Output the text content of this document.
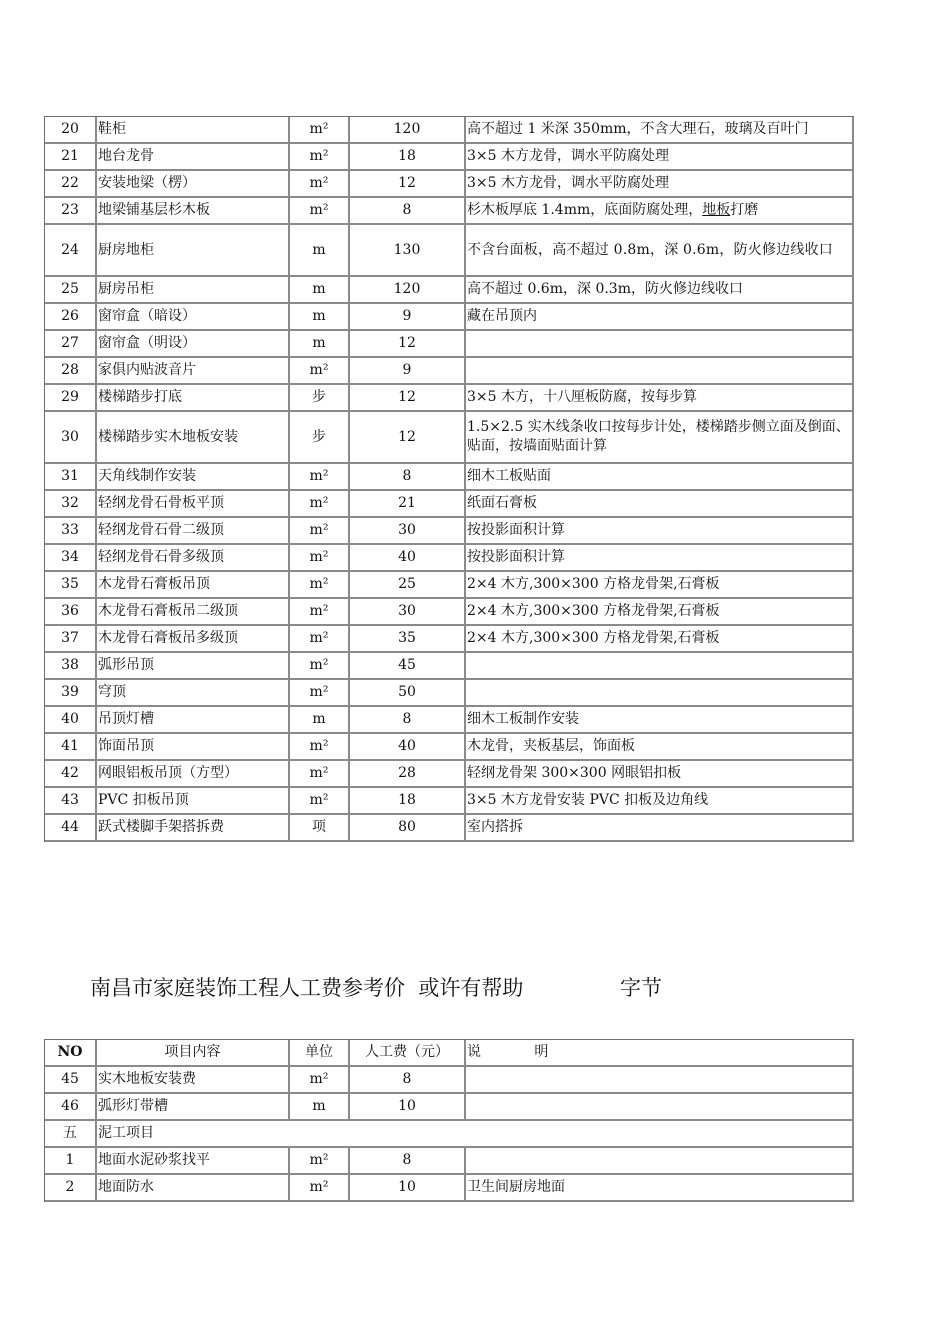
20	鞋柜	m²	120	高不超过 1 米深 350mm，不含大理石，玻璃及百叶门
21	地台龙骨	m²	18	3×5 木方龙骨，调水平防腐处理
22	安装地梁（楞）	m²	12	3×5 木方龙骨，调水平防腐处理
23	地梁铺基层杉木板	m²	8	杉木板厚底 1.4mm，底面防腐处理，地板打磨
24	厨房地柜	m	130	不含台面板，高不超过 0.8m，深 0.6m，防火修边线收口
25	厨房吊柜	m	120	高不超过 0.6m，深 0.3m，防火修边线收口
26	窗帘盒（暗设）	m	9	藏在吊顶内
27	窗帘盒（明设）	m	12	
28	家俱内贴波音片	m²	9	
29	楼梯踏步打底	步	12	3×5 木方，十八厘板防腐，按每步算
30	楼梯踏步实木地板安装	步	12	1.5×2.5 实木线条收口按每步计处，楼梯踏步侧立面及倒面、贴面，按墙面贴面计算
31	天角线制作安装	m²	8	细木工板贴面
32	轻纲龙骨石骨板平顶	m²	21	纸面石膏板
33	轻纲龙骨石骨二级顶	m²	30	按投影面积计算
34	轻纲龙骨石骨多级顶	m²	40	按投影面积计算
35	木龙骨石膏板吊顶	m²	25	2×4 木方,300×300 方格龙骨架,石膏板
36	木龙骨石膏板吊二级顶	m²	30	2×4 木方,300×300 方格龙骨架,石膏板
37	木龙骨石膏板吊多级顶	m²	35	2×4 木方,300×300 方格龙骨架,石膏板
38	弧形吊顶	m²	45	
39	穹顶	m²	50	
40	吊顶灯槽	m	8	细木工板制作安装
41	饰面吊顶	m²	40	木龙骨，夹板基层，饰面板
42	网眼铝板吊顶（方型）	m²	28	轻纲龙骨架 300×300 网眼铝扣板
43	PVC 扣板吊顶	m²	18	3×5 木方龙骨安装 PVC 扣板及边角线
44	跃式楼脚手架搭拆费	项	80	室内搭拆
南昌市家庭装饰工程人工费参考价  或许有帮助	字节
NO	项目内容	单位	人工费（元）	说            明
45	实木地板安装费	m²	8	
46	弧形灯带槽	m	10	
五	泥工项目			
1	地面水泥砂浆找平	m²	8	
2	地面防水	m²	10	卫生间厨房地面
